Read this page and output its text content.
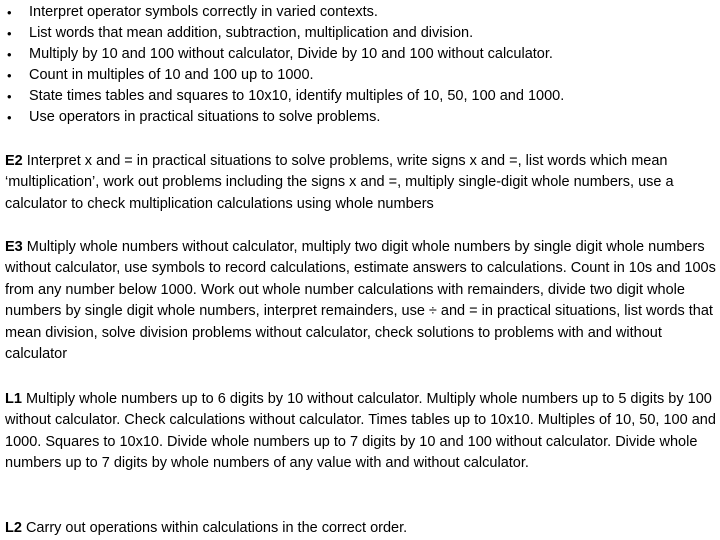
• Interpret operator symbols correctly in varied contexts.
• List words that mean addition, subtraction, multiplication and division.
• Multiply by 10 and 100 without calculator, Divide by 10 and 100 without calculator.
• Count in multiples of 10 and 100 up to 1000.
• State times tables and squares to 10x10, identify multiples of 10, 50, 100 and 1000.
• Use operators in practical situations to solve problems.

E2 Interpret x and = in practical situations to solve problems, write signs x and =, list words which mean ‘multiplication’, work out problems including the signs x and =, multiply single-digit whole numbers, use a calculator to check multiplication calculations using whole numbers

E3 Multiply whole numbers without calculator, multiply two digit whole numbers by single digit whole numbers without calculator, use symbols to record calculations, estimate answers to calculations. Count in 10s and 100s from any number below 1000. Work out whole number calculations with remainders, divide two digit whole numbers by single digit whole numbers, interpret remainders, use ÷ and = in practical situations, list words that mean division, solve division problems without calculator, check solutions to problems with and without calculator

L1 Multiply whole numbers up to 6 digits by 10 without calculator. Multiply whole numbers up to 5 digits by 100 without calculator. Check calculations without calculator. Times tables up to 10x10. Multiples of 10, 50, 100 and 1000. Squares to 10x10. Divide whole numbers up to 7 digits by 10 and 100 without calculator. Divide whole numbers up to 7 digits by whole numbers of any value with and without calculator.

L2 Carry out operations within calculations in the correct order.
